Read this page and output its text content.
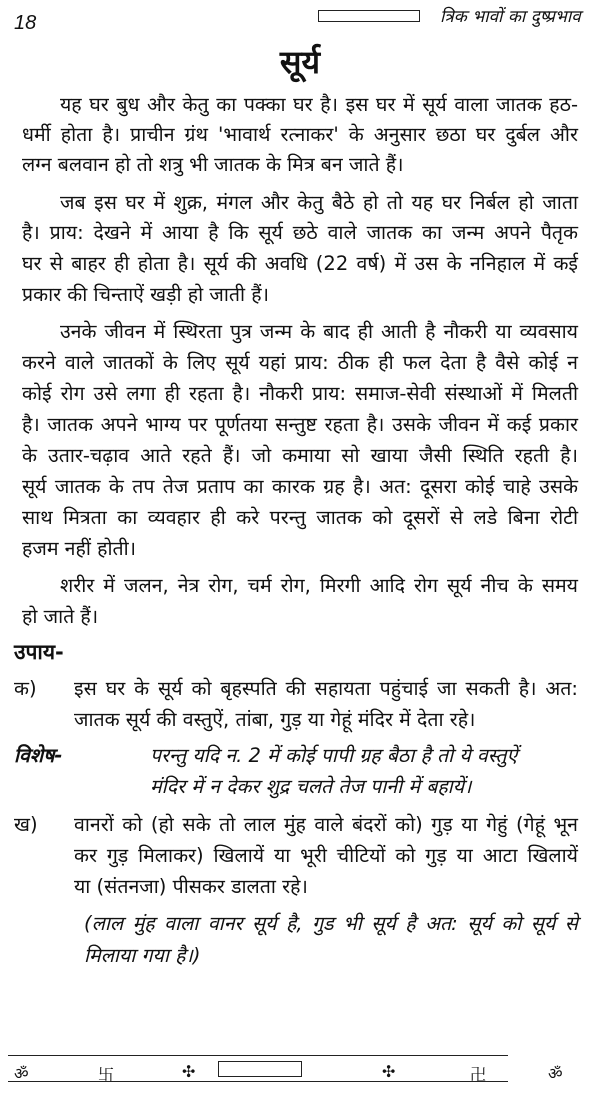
18	त्रिक भावों का दुष्प्रभाव
सूर्य
यह घर बुध और केतु का पक्का घर है। इस घर में सूर्य वाला जातक हठ-
धर्मी होता है। प्राचीन ग्रंथ 'भावार्थ रत्नाकर' के अनुसार छठा घर दुर्बल और
लग्न बलवान हो तो शत्रु भी जातक के मित्र बन जाते हैं।
जब इस घर में शुक्र, मंगल और केतु बैठे हो तो यह घर निर्बल हो जाता
है। प्राय: देखने में आया है कि सूर्य छठे वाले जातक का जन्म अपने पैतृक
घर से बाहर ही होता है। सूर्य की अवधि (22 वर्ष) में उस के ननिहाल में कई
प्रकार की चिन्ताऐं खड़ी हो जाती हैं।
उनके जीवन में स्थिरता पुत्र जन्म के बाद ही आती है नौकरी या व्यवसाय
करने वाले जातकों के लिए सूर्य यहां प्राय: ठीक ही फल देता है वैसे कोई न
कोई रोग उसे लगा ही रहता है। नौकरी प्राय: समाज-सेवी संस्थाओं में मिलती
है। जातक अपने भाग्य पर पूर्णतया सन्तुष्ट रहता है। उसके जीवन में कई प्रकार
के उतार-चढ़ाव आते रहते हैं। जो कमाया सो खाया जैसी स्थिति रहती है।
सूर्य जातक के तप तेज प्रताप का कारक ग्रह है। अत: दूसरा कोई चाहे उसके
साथ मित्रता का व्यवहार ही करे परन्तु जातक को दूसरों से लडे बिना रोटी
हजम नहीं होती।
शरीर में जलन, नेत्र रोग, चर्म रोग, मिरगी आदि रोग सूर्य नीच के समय
हो जाते हैं।
उपाय-
क) इस घर के सूर्य को बृहस्पति की सहायता पहुंचाई जा सकती है। अत:
जातक सूर्य की वस्तुऐं, तांबा, गुड़ या गेहूं मंदिर में देता रहे।
विशेष-	परन्तु यदि न. 2 में कोई पापी ग्रह बैठा है तो ये वस्तुऐं
मंदिर में न देकर शुद्र चलते तेज पानी में बहायें।
ख) वानरों को (हो सके तो लाल मुंह वाले बंदरों को) गुड़ या गेहुं (गेहूं भून
कर गुड़ मिलाकर) खिलायें या भूरी चीटियों को गुड़ या आटा खिलायें
या (संतनजा) पीसकर डालता रहे।
(लाल मुंह वाला वानर सूर्य है, गुड भी सूर्य है अत: सूर्य को सूर्य से
मिलाया गया है।)
ॐ	卐	✣	✣	卍	ॐ
